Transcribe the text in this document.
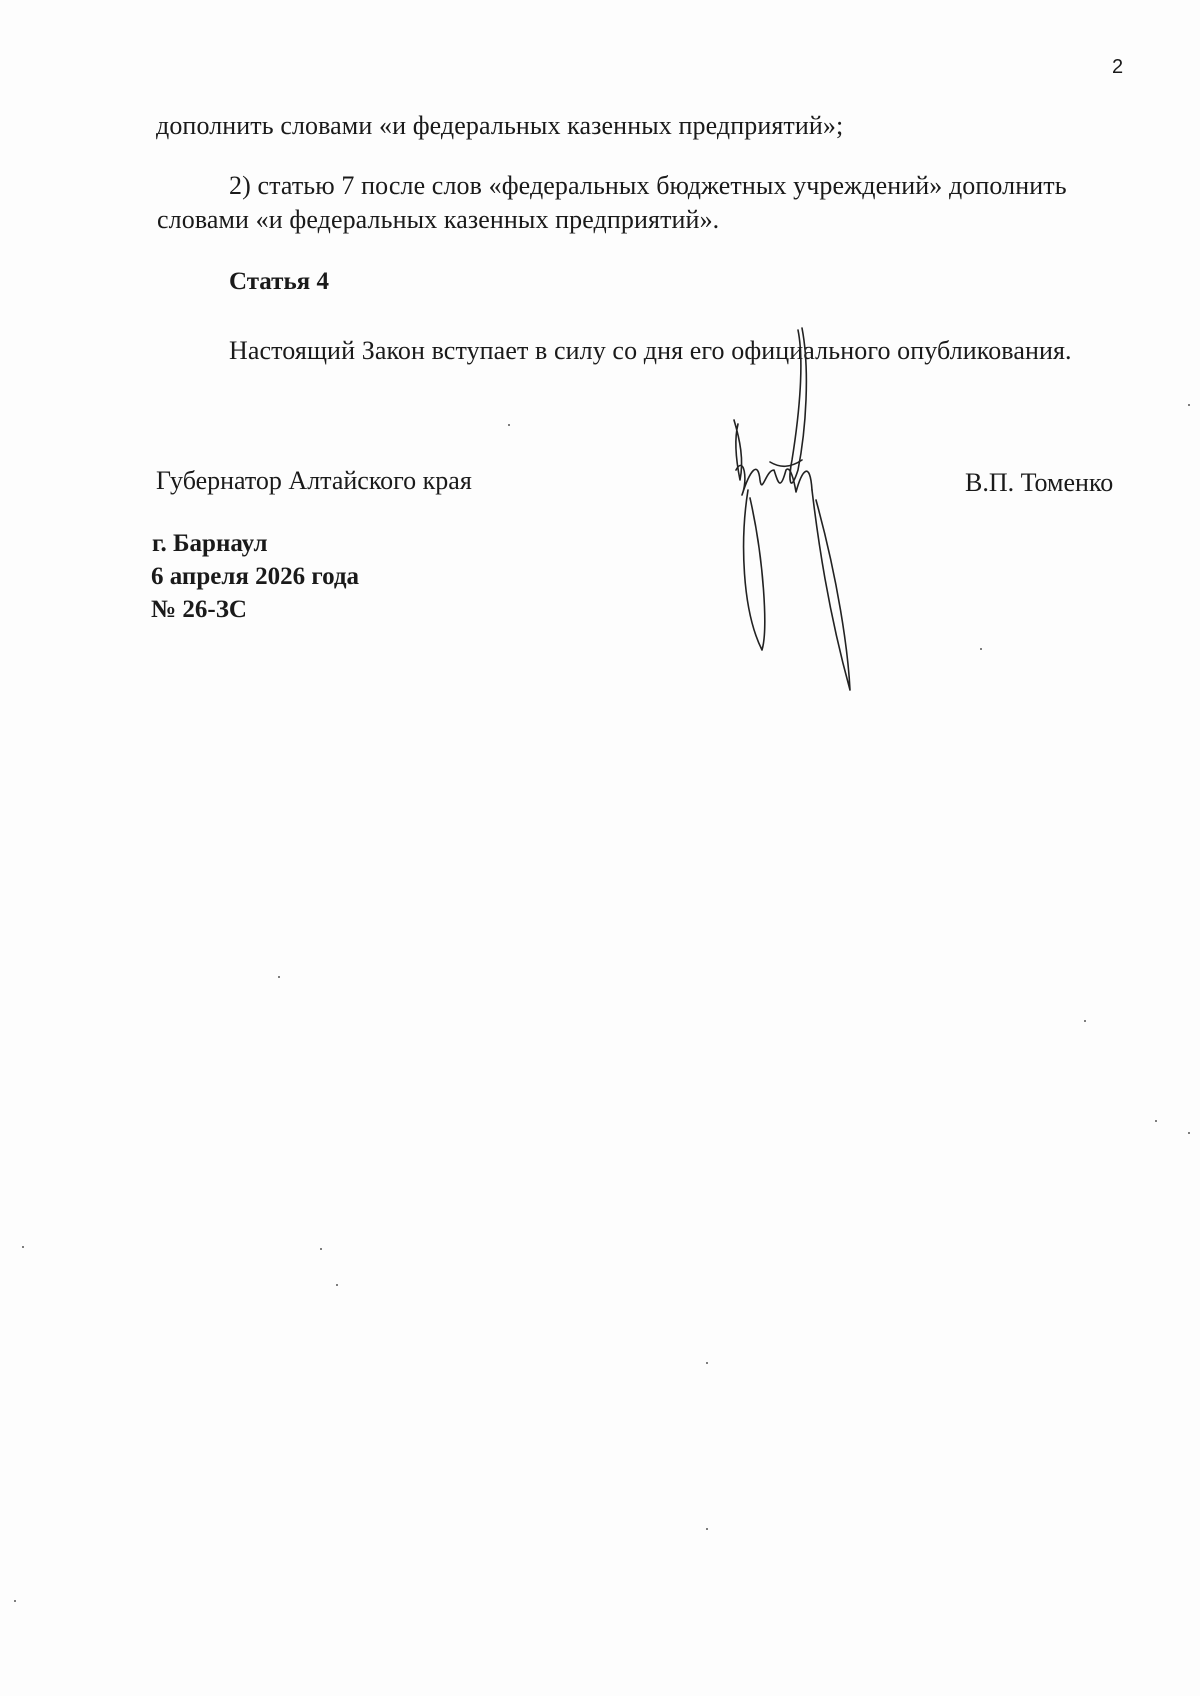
2
дополнить словами «и федеральных казенных предприятий»;
2) статью 7 после слов «федеральных бюджетных учреждений» дополнить
словами «и федеральных казенных предприятий».
Статья 4
Настоящий Закон вступает в силу со дня его официального опубликования.
Губернатор Алтайского края	В.П. Томенко
г. Барнаул
6 апреля 2026 года
№ 26-ЗС
